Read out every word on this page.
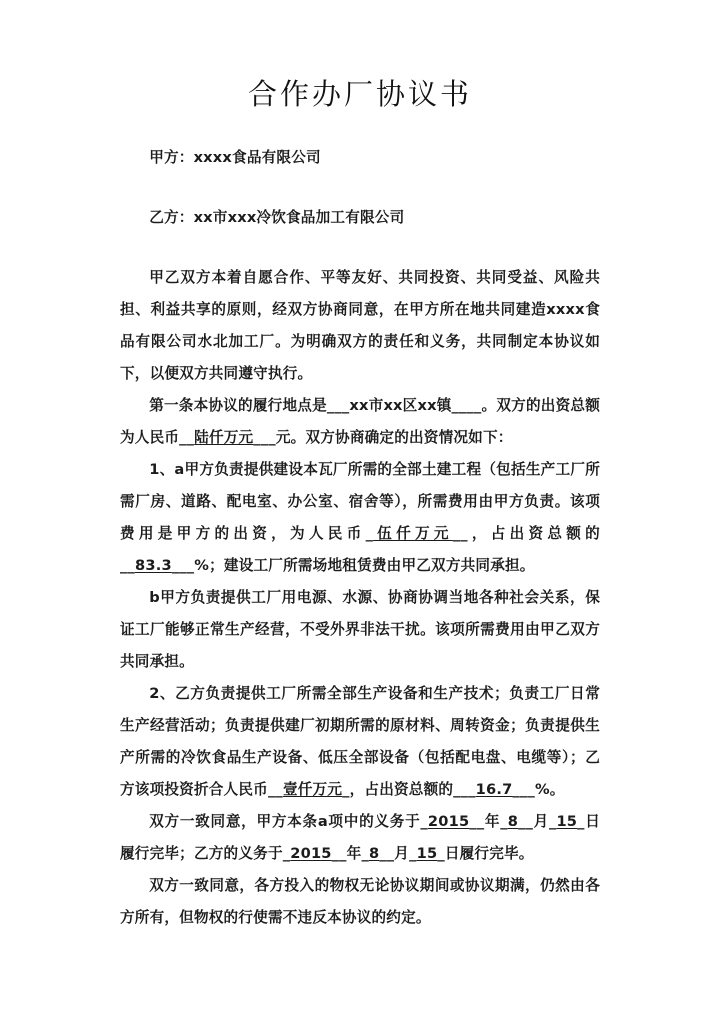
合作办厂协议书

甲方：xxxx食品有限公司

乙方：xx市xxx冷饮食品加工有限公司

甲乙双方本着自愿合作、平等友好、共同投资、共同受益、风险共担、利益共享的原则，经双方协商同意，在甲方所在地共同建造xxxx食品有限公司水北加工厂。为明确双方的责任和义务，共同制定本协议如下，以便双方共同遵守执行。

第一条本协议的履行地点是___xx市xx区xx镇____。双方的出资总额为人民币__陆仟万元___元。双方协商确定的出资情况如下：

1、a甲方负责提供建设本瓦厂所需的全部土建工程（包括生产工厂所需厂房、道路、配电室、办公室、宿舍等），所需费用由甲方负责。该项费用是甲方的出资，为人民币_伍仟万元__，占出资总额的__83.3___%；建设工厂所需场地租赁费由甲乙双方共同承担。

b甲方负责提供工厂用电源、水源、协商协调当地各种社会关系，保证工厂能够正常生产经营，不受外界非法干扰。该项所需费用由甲乙双方共同承担。

2、乙方负责提供工厂所需全部生产设备和生产技术；负责工厂日常生产经营活动；负责提供建厂初期所需的原材料、周转资金；负责提供生产所需的冷饮食品生产设备、低压全部设备（包括配电盘、电缆等）；乙方该项投资折合人民币__壹仟万元_，占出资总额的___16.7___%。

双方一致同意，甲方本条a项中的义务于_2015__年_8__月_15_日履行完毕；乙方的义务于_2015__年_8__月_15_日履行完毕。

双方一致同意，各方投入的物权无论协议期间或协议期满，仍然由各方所有，但物权的行使需不违反本协议的约定。
